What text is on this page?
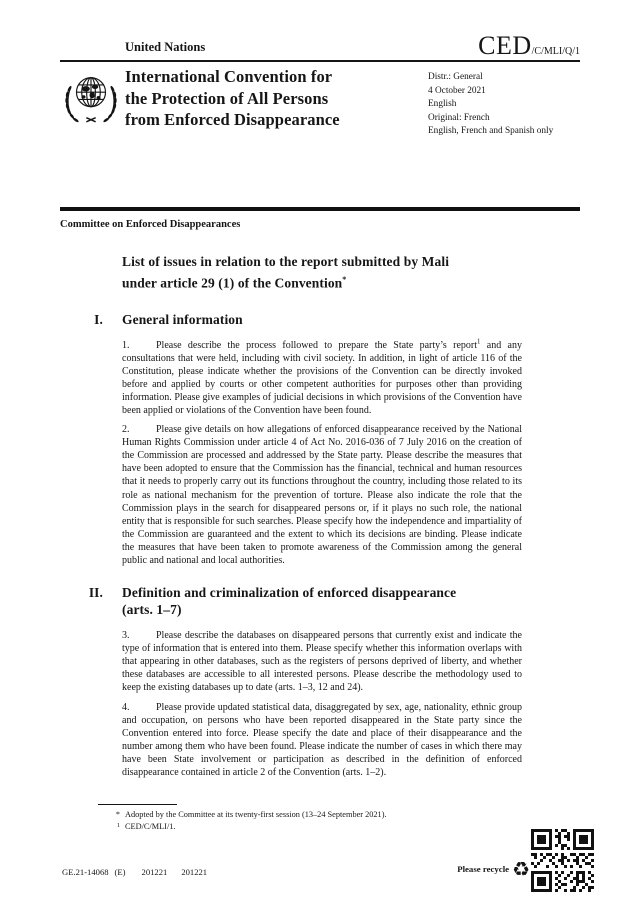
United Nations	CED/C/MLI/Q/1
International Convention for
the Protection of All Persons
from Enforced Disappearance
Distr.: General
4 October 2021
English
Original: French
English, French and Spanish only
Committee on Enforced Disappearances
List of issues in relation to the report submitted by Mali
under article 29 (1) of the Convention*
I. General information

1.	Please describe the process followed to prepare the State party’s report$^1$ and any consultations that were held, including with civil society. In addition, in light of article 116 of the Constitution, please indicate whether the provisions of the Convention can be directly invoked before and applied by courts or other competent authorities for purposes other than providing information. Please give examples of judicial decisions in which provisions of the Convention have been applied or violations of the Convention have been found.

2.	Please give details on how allegations of enforced disappearance received by the National Human Rights Commission under article 4 of Act No. 2016-036 of 7 July 2016 on the creation of the Commission are processed and addressed by the State party. Please describe the measures that have been adopted to ensure that the Commission has the financial, technical and human resources that it needs to properly carry out its functions throughout the country, including those related to its role as national mechanism for the prevention of torture. Please also indicate the role that the Commission plays in the search for disappeared persons or, if it plays no such role, the national entity that is responsible for such searches. Please specify how the independence and impartiality of the Commission are guaranteed and the extent to which its decisions are binding. Please indicate the measures that have been taken to promote awareness of the Commission among the general public and national and local authorities.

II. Definition and criminalization of enforced disappearance
(arts. 1–7)

3.	Please describe the databases on disappeared persons that currently exist and indicate the type of information that is entered into them. Please specify whether this information overlaps with that appearing in other databases, such as the registers of persons deprived of liberty, and whether these databases are accessible to all interested persons. Please describe the methodology used to keep the existing databases up to date (arts. 1–3, 12 and 24).

4.	Please provide updated statistical data, disaggregated by sex, age, nationality, ethnic group and occupation, on persons who have been reported disappeared in the State party since the Convention entered into force. Please specify the date and place of their disappearance and the number among them who have been found. Please indicate the number of cases in which there may have been State involvement or participation as described in the definition of enforced disappearance contained in article 2 of the Convention (arts. 1–2).

* Adopted by the Committee at its twenty-first session (13–24 September 2021).
1 CED/C/MLI/1.
GE.21-14068 (E) 201221 201221	Please recycle ♻
